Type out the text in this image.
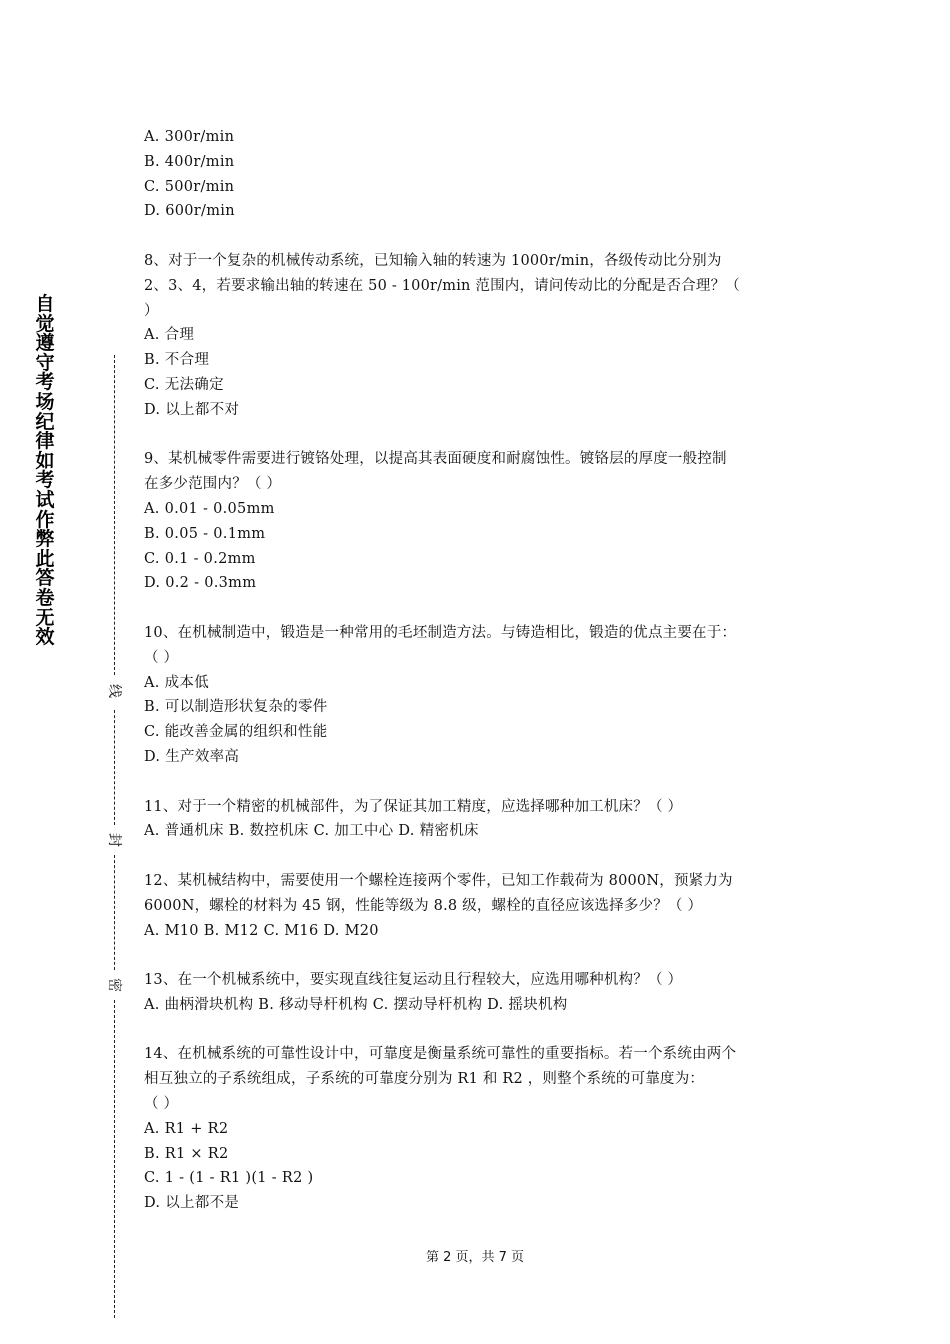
自觉遵守考场纪律如考试作弊此答卷无效
线
封
密
A. 300r/min
B. 400r/min
C. 500r/min
D. 600r/min
8、对于一个复杂的机械传动系统，已知输入轴的转速为 1000r/min，各级传动比分别为
2、3、4，若要求输出轴的转速在 50 - 100r/min 范围内，请问传动比的分配是否合理？（
）
A. 合理
B. 不合理
C. 无法确定
D. 以上都不对
9、某机械零件需要进行镀铬处理，以提高其表面硬度和耐腐蚀性。镀铬层的厚度一般控制
在多少范围内？（ ）
A. 0.01 - 0.05mm
B. 0.05 - 0.1mm
C. 0.1 - 0.2mm
D. 0.2 - 0.3mm
10、在机械制造中，锻造是一种常用的毛坯制造方法。与铸造相比，锻造的优点主要在于：
（ ）
A. 成本低
B. 可以制造形状复杂的零件
C. 能改善金属的组织和性能
D. 生产效率高
11、对于一个精密的机械部件，为了保证其加工精度，应选择哪种加工机床？（ ）
A. 普通机床 B. 数控机床 C. 加工中心 D. 精密机床
12、某机械结构中，需要使用一个螺栓连接两个零件，已知工作载荷为 8000N，预紧力为
6000N，螺栓的材料为 45 钢，性能等级为 8.8 级，螺栓的直径应该选择多少？（ ）
A. M10 B. M12 C. M16 D. M20
13、在一个机械系统中，要实现直线往复运动且行程较大，应选用哪种机构？（ ）
A. 曲柄滑块机构 B. 移动导杆机构 C. 摆动导杆机构 D. 摇块机构
14、在机械系统的可靠性设计中，可靠度是衡量系统可靠性的重要指标。若一个系统由两个
相互独立的子系统组成，子系统的可靠度分别为 R1 和 R2 ，则整个系统的可靠度为：
（ ）
A. R1 + R2
B. R1 × R2
C. 1 - (1 - R1 )(1 - R2 )
D. 以上都不是
第 2 页，共 7 页
